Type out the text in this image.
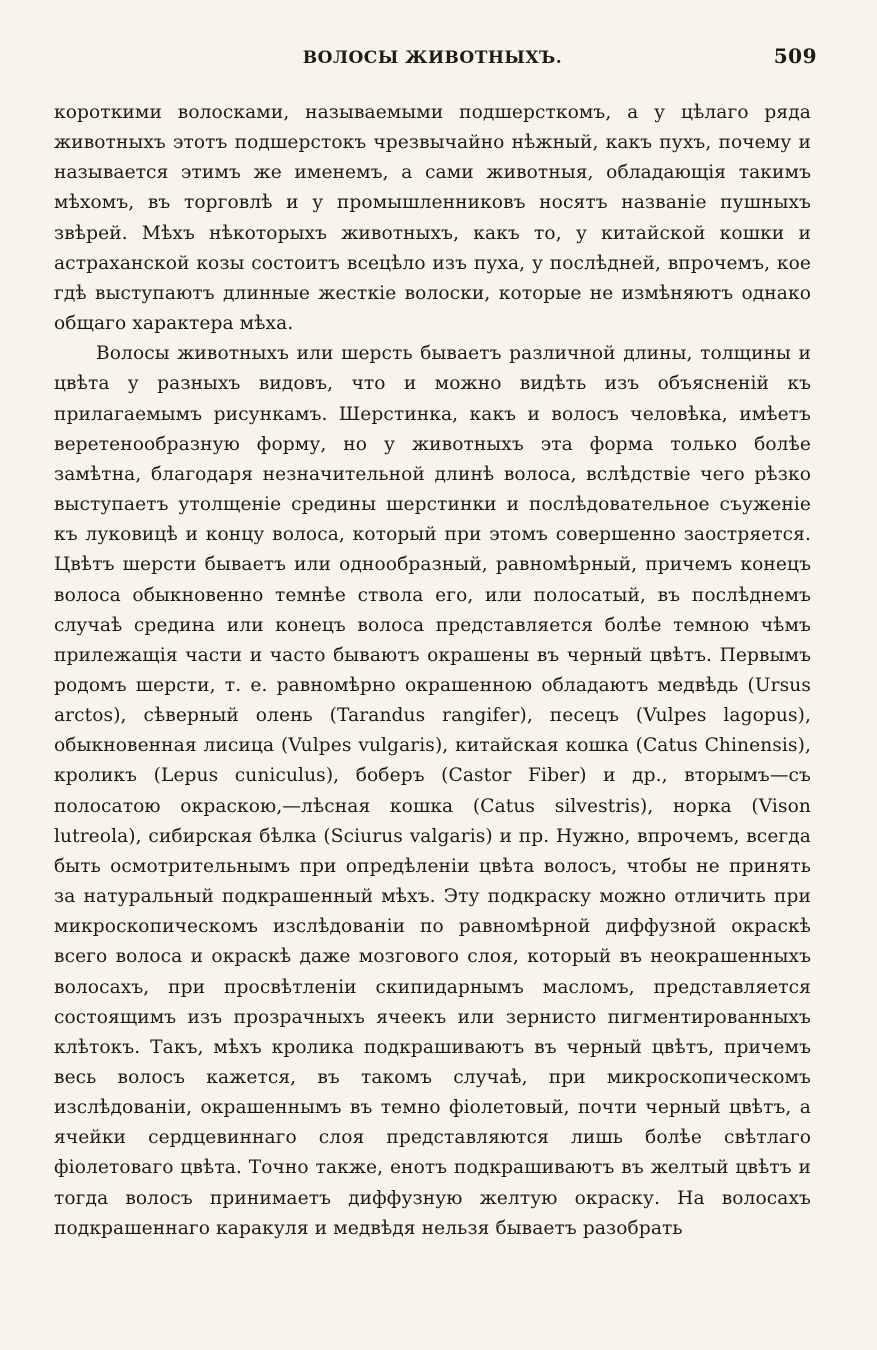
ВОЛОСЫ ЖИВОТНЫХЪ.	509

короткими волосками, называемыми подшерсткомъ, а у цѣлаго ряда животныхъ этотъ подшерстокъ чрезвычайно нѣжный, какъ пухъ, почему и называется этимъ же именемъ, а сами животныя, обладающія такимъ мѣхомъ, въ торговлѣ и у промышленниковъ носятъ названіе пушныхъ звѣрей. Мѣхъ нѣкоторыхъ животныхъ, какъ то, у китайской кошки и астраханской козы состоитъ всецѣло изъ пуха, у послѣдней, впрочемъ, кое гдѣ выступаютъ длинные жесткіе волоски, которые не измѣняютъ однако общаго характера мѣха.

Волосы животныхъ или шерсть бываетъ различной длины, толщины и цвѣта у разныхъ видовъ, что и можно видѣть изъ объясненій къ прилагаемымъ рисункамъ. Шерстинка, какъ и волосъ человѣка, имѣетъ веретенообразную форму, но у животныхъ эта форма только болѣе замѣтна, благодаря незначительной длинѣ волоса, вслѣдствіе чего рѣзко выступаетъ утолщеніе средины шерстинки и послѣдовательное съуженіе къ луковицѣ и концу волоса, который при этомъ совершенно заостряется. Цвѣтъ шерсти бываетъ или однообразный, равномѣрный, причемъ конецъ волоса обыкновенно темнѣе ствола его, или полосатый, въ послѣднемъ случаѣ средина или конецъ волоса представляется болѣе темною чѣмъ прилежащія части и часто бываютъ окрашены въ черный цвѣтъ. Первымъ родомъ шерсти, т. е. равномѣрно окрашенною обладаютъ медвѣдь (Ursus arctos), сѣверный олень (Tarandus rangifer), песецъ (Vulpes lagopus), обыкновенная лисица (Vulpes vulgaris), китайская кошка (Catus Chinensis), кроликъ (Lepus cuniculus), боберъ (Castor Fiber) и др., вторымъ—съ полосатою окраскою,—лѣсная кошка (Catus silvestris), норка (Vison lutreola), сибирская бѣлка (Sciurus valgaris) и пр. Нужно, впрочемъ, всегда быть осмотрительнымъ при опредѣленіи цвѣта волосъ, чтобы не принять за натуральный подкрашенный мѣхъ. Эту подкраску можно отличить при микроскопическомъ изслѣдованіи по равномѣрной диффузной окраскѣ всего волоса и окраскѣ даже мозгового слоя, который въ неокрашенныхъ волосахъ, при просвѣтленіи скипидарнымъ масломъ, представляется состоящимъ изъ прозрачныхъ ячеекъ или зернисто пигментированныхъ клѣтокъ. Такъ, мѣхъ кролика подкрашиваютъ въ черный цвѣтъ, причемъ весь волосъ кажется, въ такомъ случаѣ, при микроскопическомъ изслѣдованіи, окрашеннымъ въ темно фіолетовый, почти черный цвѣтъ, а ячейки сердцевиннаго слоя представляются лишь болѣе свѣтлаго фіолетоваго цвѣта. Точно также, енотъ подкрашиваютъ въ желтый цвѣтъ и тогда волосъ принимаетъ диффузную желтую окраску. На волосахъ подкрашеннаго каракуля и медвѣдя нельзя бываетъ разобрать
